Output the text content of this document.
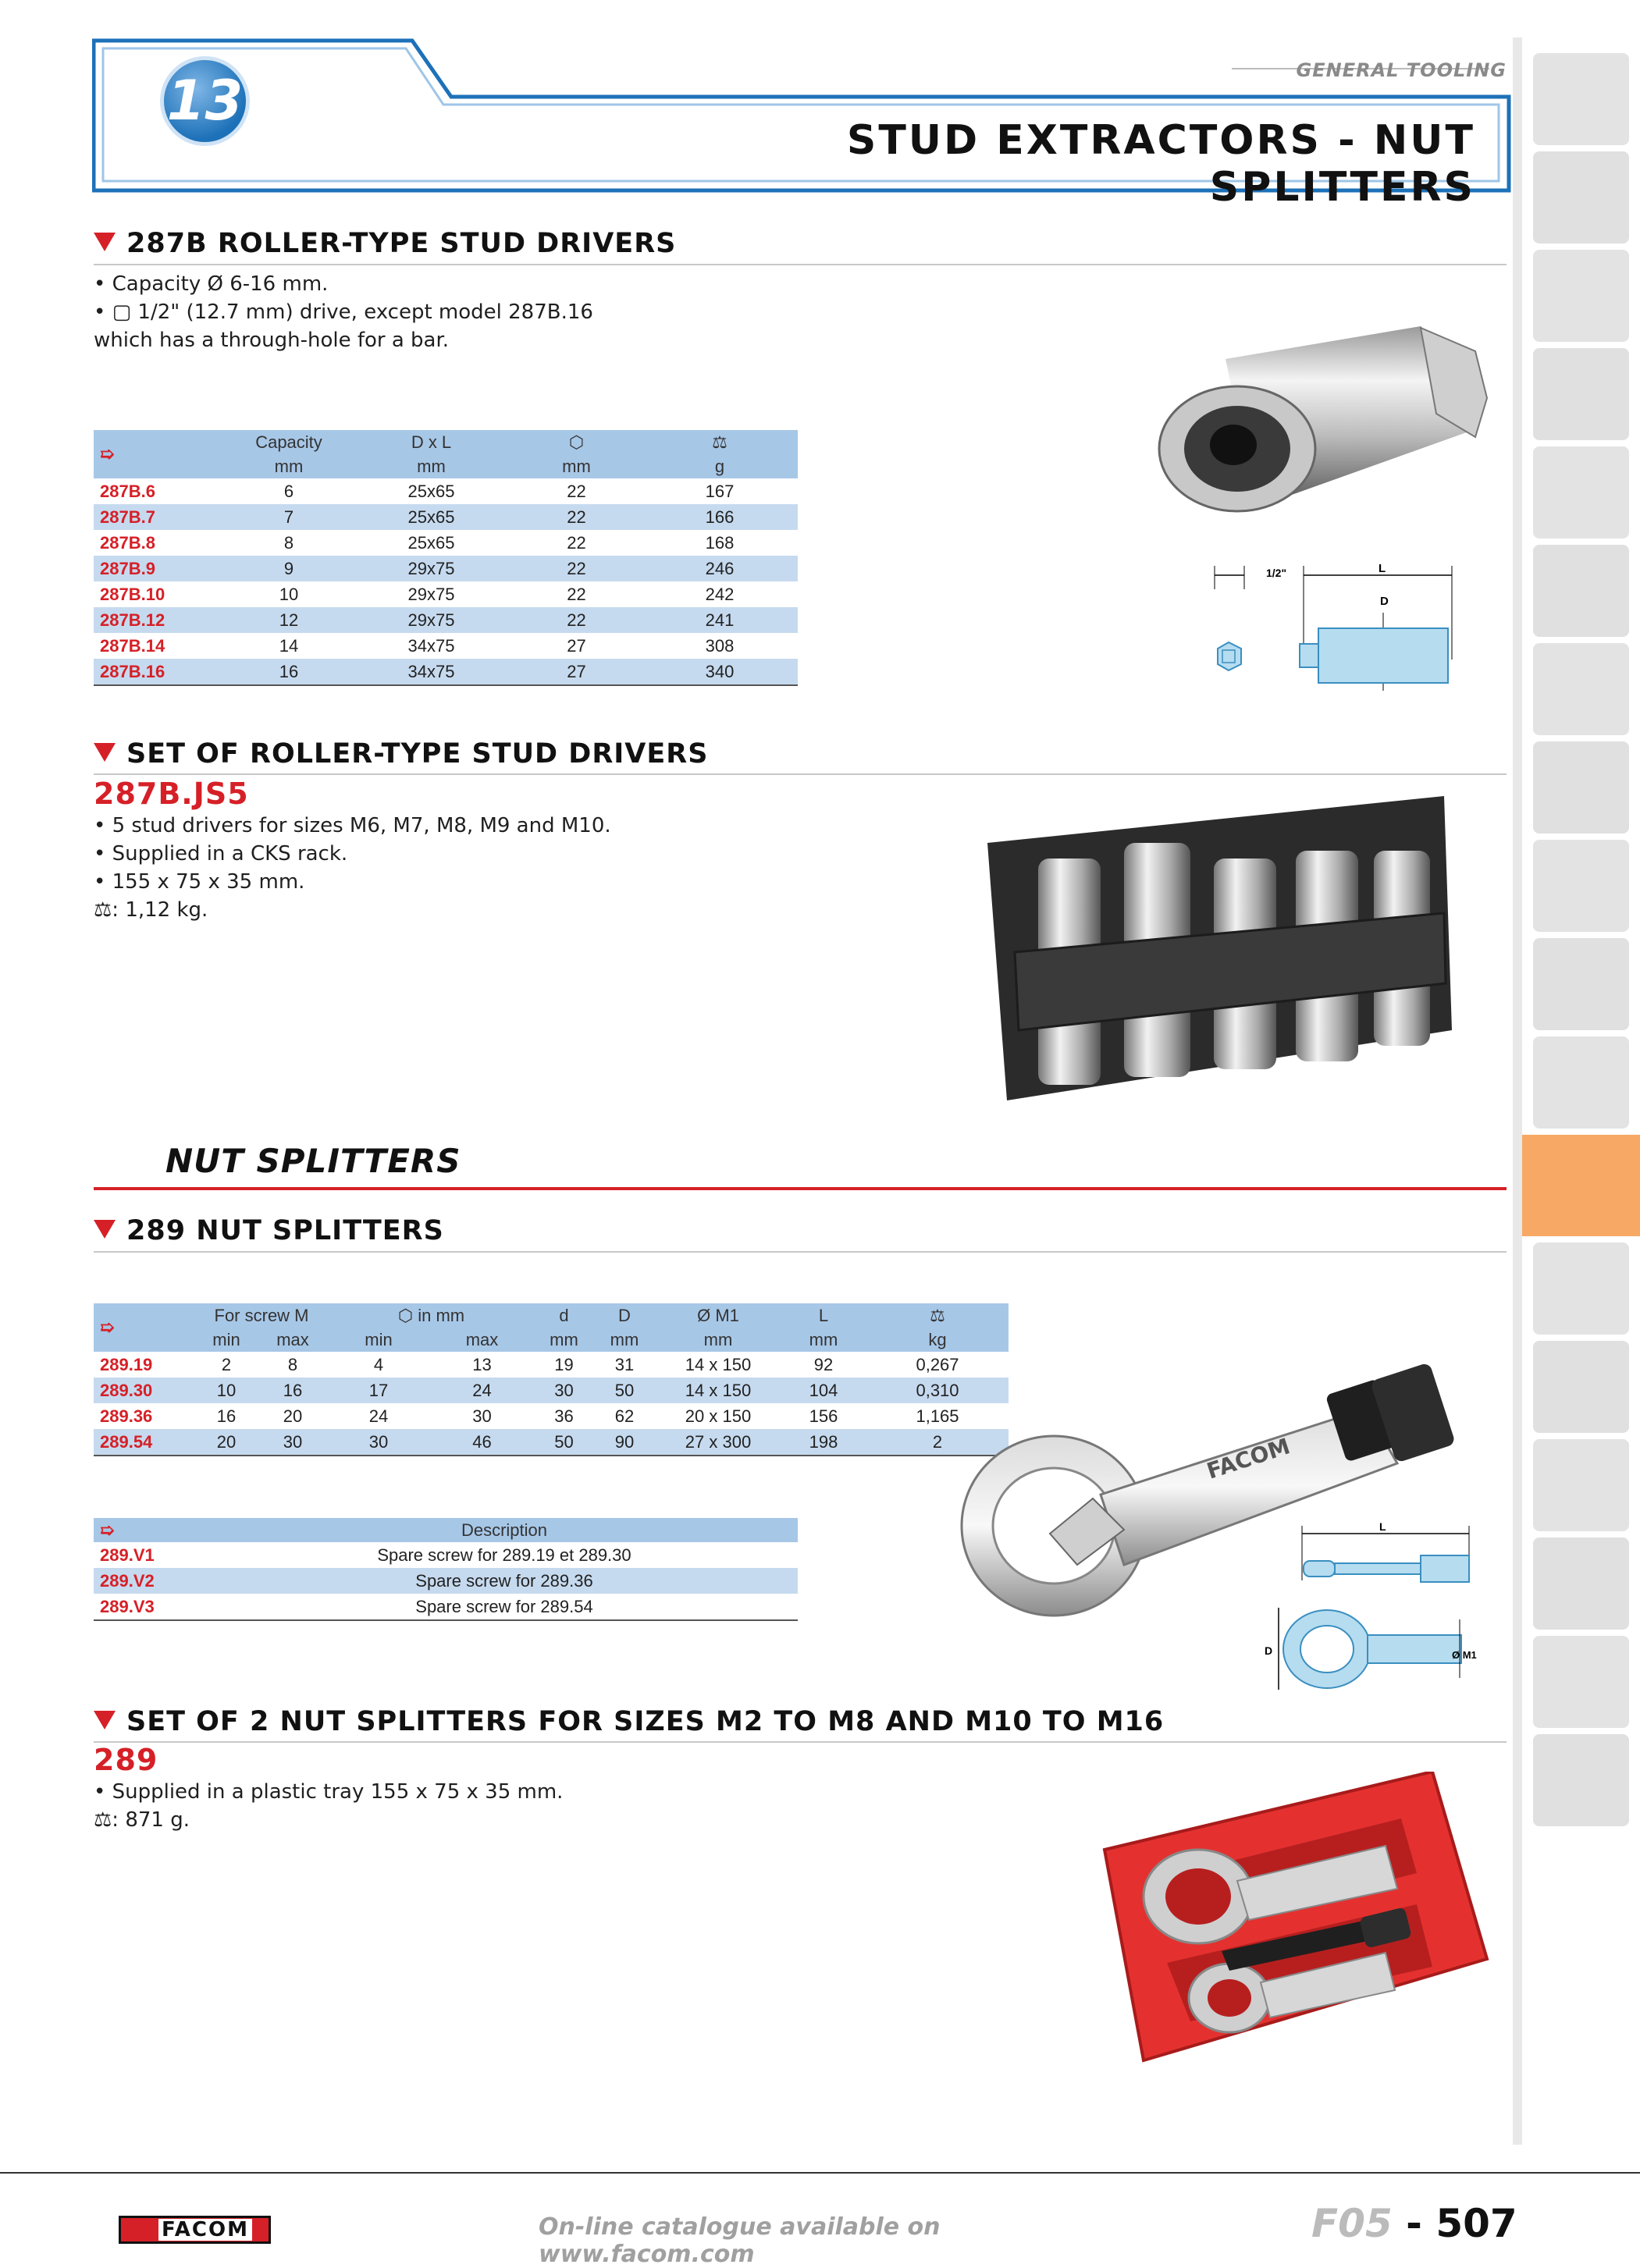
13	GENERAL TOOLING
STUD EXTRACTORS - NUT SPLITTERS
287B ROLLER-TYPE STUD DRIVERS
• Capacity Ø 6-16 mm.
• ▢ 1/2" (12.7 mm) drive, except model 287B.16
which has a through-hole for a bar.
➯	Capacity	D x L	⬡	⚖
	mm	mm	mm	g
287B.6	6	25x65	22	167
287B.7	7	25x65	22	166
287B.8	8	25x65	22	168
287B.9	9	29x75	22	246
287B.10	10	29x75	22	242
287B.12	12	29x75	22	241
287B.14	14	34x75	27	308
287B.16	16	34x75	27	340
1/2"	L
D
SET OF ROLLER-TYPE STUD DRIVERS
287B.JS5
• 5 stud drivers for sizes M6, M7, M8, M9 and M10.
• Supplied in a CKS rack.
• 155 x 75 x 35 mm.
⚖: 1,12 kg.
NUT SPLITTERS
289 NUT SPLITTERS
➯	For screw M		⬡ in mm		d	D	Ø M1	L	⚖
	min	max	min	max	mm	mm	mm	mm	kg
289.19	2	8	4	13	19	31	14 x 150	92	0,267
289.30	10	16	17	24	30	50	14 x 150	104	0,310
289.36	16	20	24	30	36	62	20 x 150	156	1,165
289.54	20	30	30	46	50	90	27 x 300	198	2
➯	Description
289.V1	Spare screw for 289.19 et 289.30
289.V2	Spare screw for 289.36
289.V3	Spare screw for 289.54
FACOM
L
D	Ø M1
SET OF 2 NUT SPLITTERS FOR SIZES M2 TO M8 AND M10 TO M16
289
• Supplied in a plastic tray 155 x 75 x 35 mm.
⚖: 871 g.
FACOM	On-line catalogue available on www.facom.com
F05 - 507
